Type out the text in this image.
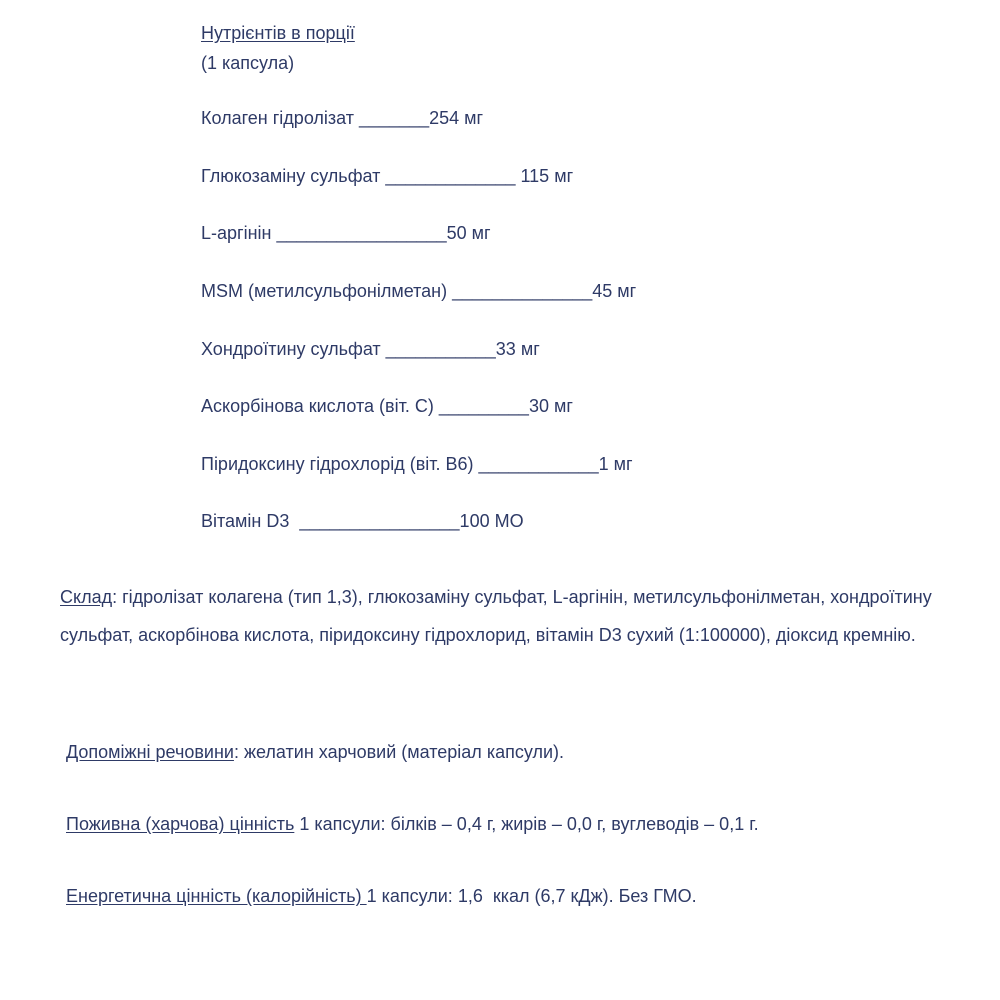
Нутрієнтів в порції
(1 капсула)
Колаген гідролізат _______254 мг
Глюкозаміну сульфат _____________ 115 мг
L-аргінін _________________50 мг
MSM (метилсульфонілметан) ______________45 мг
Хондроїтину сульфат ___________33 мг
Аскорбінова кислота (віт. С) _________30 мг
Піридоксину гідрохлорід (віт. В6) ____________1 мг
Вітамін D3  ________________100 МО
Склад: гідролізат колагена (тип 1,3), глюкозаміну сульфат, L-аргінін, метилсульфонілметан, хондроїтину сульфат, аскорбінова кислота, піридоксину гідрохлорид, вітамін D3 сухий (1:100000), діоксид кремнію.
Допоміжні речовини: желатин харчовий (матеріал капсули).
Поживна (харчова) цінність 1 капсули: білків – 0,4 г, жирів – 0,0 г, вуглеводів – 0,1 г.
Енергетична цінність (калорійність) 1 капсули: 1,6  ккал (6,7 кДж). Без ГМО.
